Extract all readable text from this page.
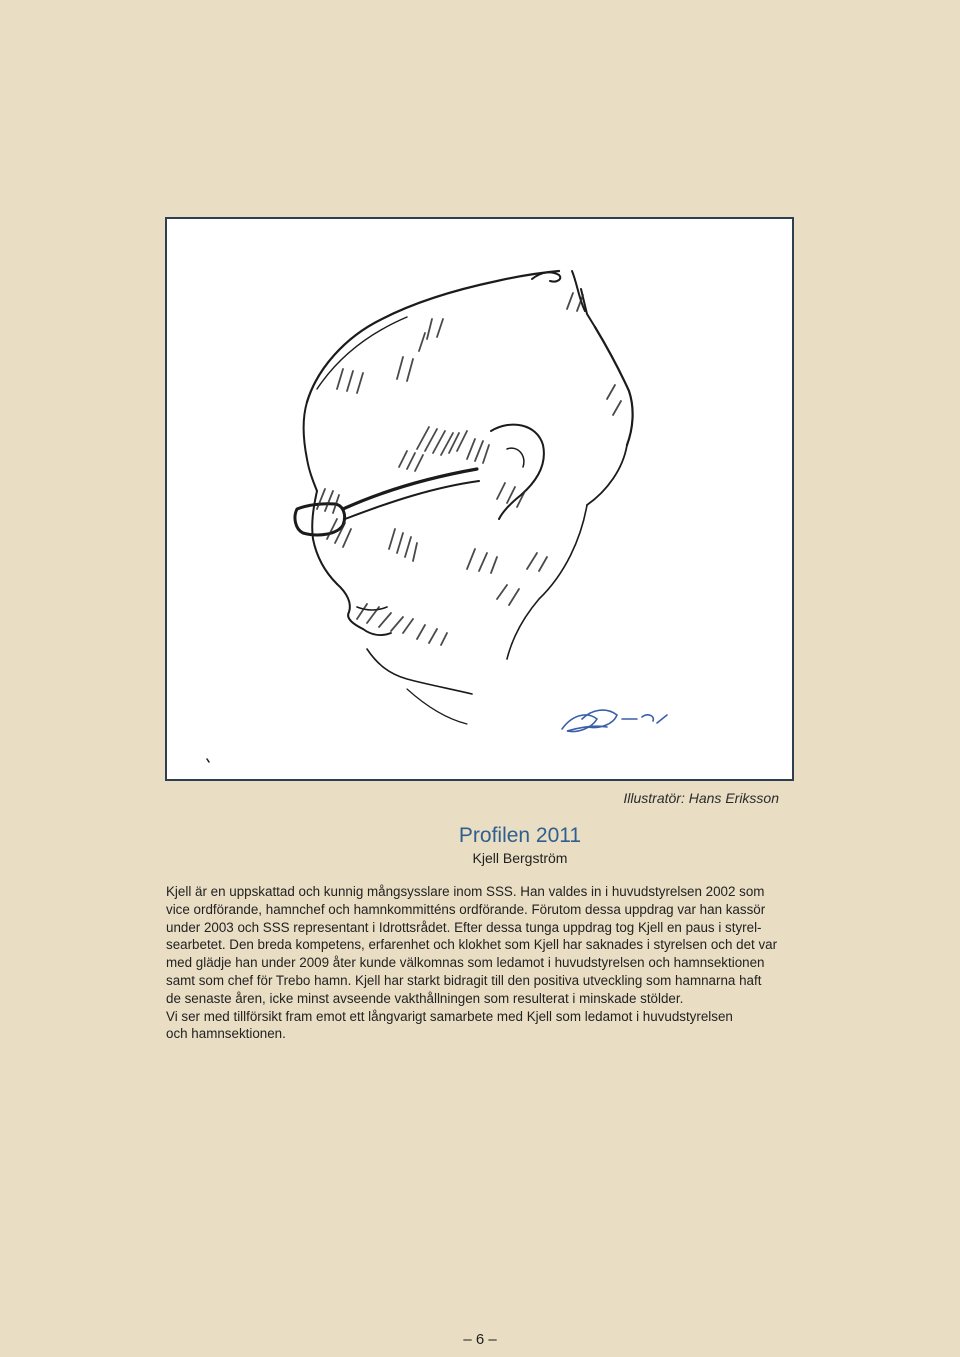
Illustratör: Hans Eriksson
Profilen 2011
Kjell Bergström
Kjell är en uppskattad och kunnig mångsysslare inom SSS. Han valdes in i huvudstyrelsen 2002 som
vice ordförande, hamnchef och hamnkommitténs ordförande. Förutom dessa uppdrag var han kassör
under 2003 och SSS representant i Idrottsrådet. Efter dessa tunga uppdrag tog Kjell en paus i styrel-
searbetet. Den breda kompetens, erfarenhet och klokhet som Kjell har saknades i styrelsen och det var
med glädje han under 2009 åter kunde välkomnas som ledamot i huvudstyrelsen och hamnsektionen
samt som chef för Trebo hamn. Kjell har starkt bidragit till den positiva utveckling som hamnarna haft
de senaste åren, icke minst avseende vakthållningen som resulterat i minskade stölder.
Vi ser med tillförsikt fram emot ett långvarigt samarbete med Kjell som ledamot i huvudstyrelsen
och hamnsektionen.
– 6 –
